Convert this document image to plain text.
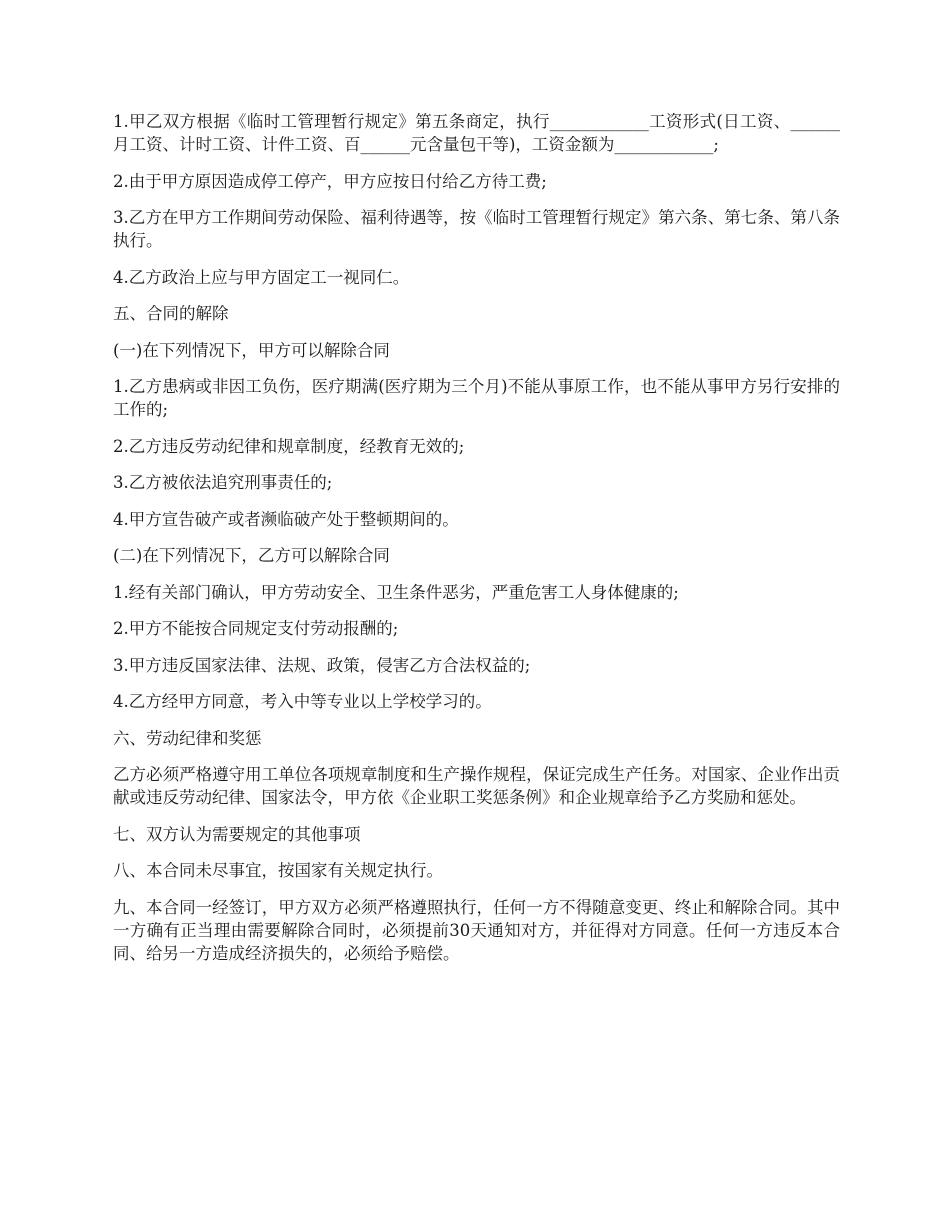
1.甲乙双方根据《临时工管理暂行规定》第五条商定，执行____________工资形式(日工资、______月工资、计时工资、计件工资、百______元含量包干等)，工资金额为____________;

2.由于甲方原因造成停工停产，甲方应按日付给乙方待工费;

3.乙方在甲方工作期间劳动保险、福利待遇等，按《临时工管理暂行规定》第六条、第七条、第八条执行。

4.乙方政治上应与甲方固定工一视同仁。

五、合同的解除

(一)在下列情况下，甲方可以解除合同

1.乙方患病或非因工负伤，医疗期满(医疗期为三个月)不能从事原工作，也不能从事甲方另行安排的工作的;

2.乙方违反劳动纪律和规章制度，经教育无效的;

3.乙方被依法追究刑事责任的;

4.甲方宣告破产或者濒临破产处于整顿期间的。

(二)在下列情况下，乙方可以解除合同

1.经有关部门确认，甲方劳动安全、卫生条件恶劣，严重危害工人身体健康的;

2.甲方不能按合同规定支付劳动报酬的;

3.甲方违反国家法律、法规、政策，侵害乙方合法权益的;

4.乙方经甲方同意，考入中等专业以上学校学习的。

六、劳动纪律和奖惩

乙方必须严格遵守用工单位各项规章制度和生产操作规程，保证完成生产任务。对国家、企业作出贡献或违反劳动纪律、国家法令，甲方依《企业职工奖惩条例》和企业规章给予乙方奖励和惩处。

七、双方认为需要规定的其他事项

八、本合同未尽事宜，按国家有关规定执行。

九、本合同一经签订，甲方双方必须严格遵照执行，任何一方不得随意变更、终止和解除合同。其中一方确有正当理由需要解除合同时，必须提前30天通知对方，并征得对方同意。任何一方违反本合同、给另一方造成经济损失的，必须给予赔偿。
